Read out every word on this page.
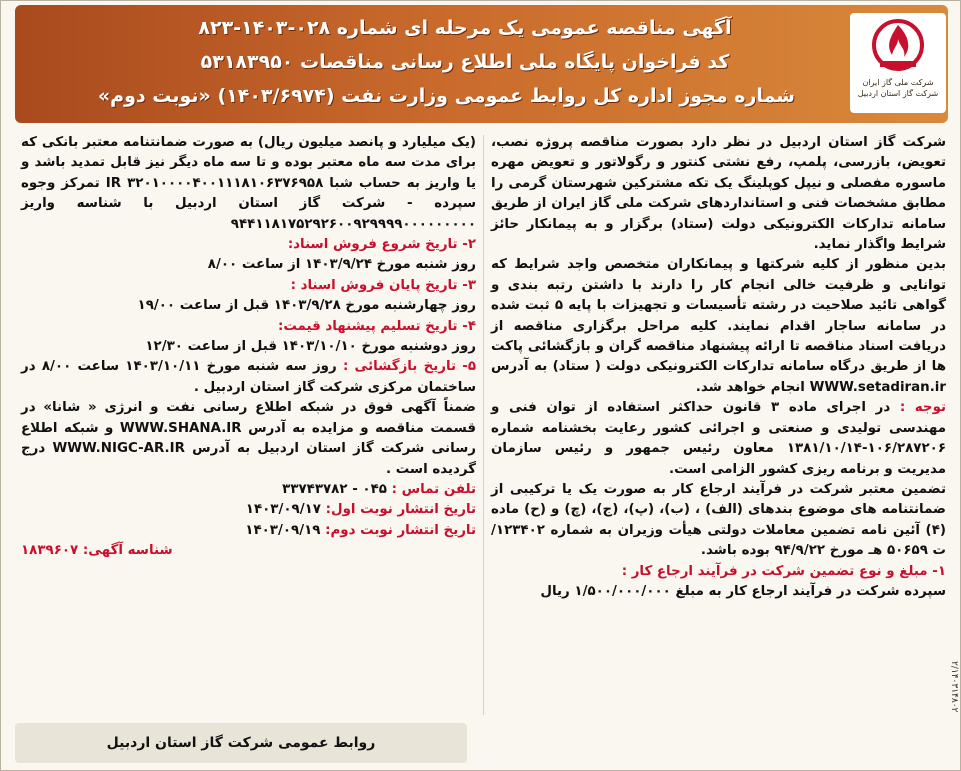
آگهی مناقصه عمومی یک مرحله ای شماره ۰۲۸-۱۴۰۳-۸۲۳
کد فراخوان پایگاه ملی اطلاع رسانی مناقصات ۵۳۱۸۳۹۵۰
شماره مجوز اداره کل روابط عمومی وزارت نفت (۱۴۰۳/۶۹۷۴) «نوبت دوم»
شرکت ملی گاز ایران شرکت گاز استان اردبیل

شرکت گاز استان اردبیل در نظر دارد بصورت مناقصه پروژه نصب، تعویض، بازرسی، پلمپ، رفع نشتی کنتور و رگولاتور و تعویض مهره ماسوره مفصلی و نیپل کوپلینگ یک تکه مشترکین شهرستان گرمی را مطابق مشخصات فنی و استانداردهای شرکت ملی گاز ایران از طریق سامانه تدارکات الکترونیکی دولت (ستاد) برگزار و به پیمانکار حائز شرایط واگذار نماید.

بدین منظور از کلیه شرکتها و پیمانکاران متخصص واجد شرایط که توانایی و ظرفیت خالی انجام کار را دارند با داشتن رتبه بندی و گواهی تائید صلاحیت در رشته تأسیسات و تجهیزات با پایه ۵ ثبت شده در سامانه ساجار اقدام نمایند. کلیه مراحل برگزاری مناقصه از دریافت اسناد مناقصه تا ارائه پیشنهاد مناقصه گران و بازگشائی پاکت ها از طریق درگاه سامانه تدارکات الکترونیکی دولت ( ستاد) به آدرس WWW.setadiran.ir انجام خواهد شد.

توجه : در اجرای ماده ۳ قانون حداکثر استفاده از توان فنی و مهندسی تولیدی و صنعتی و اجرائی کشور رعایت بخشنامه شماره ۱۰۶/۲۸۷۲۰۶-۱۳۸۱/۱۰/۱۴ معاون رئیس جمهور و رئیس سازمان مدیریت و برنامه ریزی کشور الزامی است.

تضمین معتبر شرکت در فرآیند ارجاع کار به صورت یک یا ترکیبی از ضمانتنامه های موضوع بندهای (الف) ، (ب)، (پ)، (ج)، (چ) و (ح) ماده (۴) آئین نامه تضمین معاملات دولتی هیأت وزیران به شماره ۱۲۳۴۰۲/ت ۵۰۶۵۹ هـ مورخ ۹۴/۹/۲۲ بوده باشد.

۱- مبلغ و نوع تضمین شرکت در فرآیند ارجاع کار :

سپرده شرکت در فرآیند ارجاع کار به مبلغ ۱/۵۰۰/۰۰۰/۰۰۰ ریال

(یک میلیارد و پانصد میلیون ریال) به صورت ضمانتنامه معتبر بانکی که برای مدت سه ماه معتبر بوده و تا سه ماه دیگر نیز قابل تمدید باشد و یا واریز به حساب شبا IR ۳۲۰۱۰۰۰۰۴۰۰۱۱۱۸۱۰۶۳۷۶۹۵۸ تمرکز وجوه سپرده - شرکت گاز استان اردبیل با شناسه واریز ۹۴۴۱۱۸۱۷۵۲۹۲۶۰۰۹۲۹۹۹۹۰۰۰۰۰۰۰۰۰

۲- تاریخ شروع فروش اسناد:

روز شنبه مورخ ۱۴۰۳/۹/۲۴ از ساعت ۸/۰۰

۳- تاریخ پایان فروش اسناد :

روز چهارشنبه مورخ ۱۴۰۳/۹/۲۸ قبل از ساعت ۱۹/۰۰

۴- تاریخ تسلیم پیشنهاد قیمت:

روز دوشنبه مورخ ۱۴۰۳/۱۰/۱۰ قبل از ساعت ۱۲/۳۰

۵- تاریخ بازگشائی : روز سه شنبه مورخ ۱۴۰۳/۱۰/۱۱ ساعت ۸/۰۰ در ساختمان مرکزی شرکت گاز استان اردبیل .

ضمناً آگهی فوق در شبکه اطلاع رسانی نفت و انرژی « شانا» در قسمت مناقصه و مزایده به آدرس WWW.SHANA.IR و شبکه اطلاع رسانی شرکت گاز استان اردبیل به آدرس WWW.NIGC-AR.IR درج گردیده است .

تلفن تماس : ۰۴۵ - ۳۳۷۴۳۷۸۲

تاریخ انتشار نوبت اول: ۱۴۰۳/۰۹/۱۷

تاریخ انتشار نوبت دوم: ۱۴۰۳/۰۹/۱۹

شناسه آگهی: ۱۸۳۹۶۰۷

روابط عمومی شرکت گاز استان اردبیل
۲/۱۴۰۳۱۴۸۰۲
